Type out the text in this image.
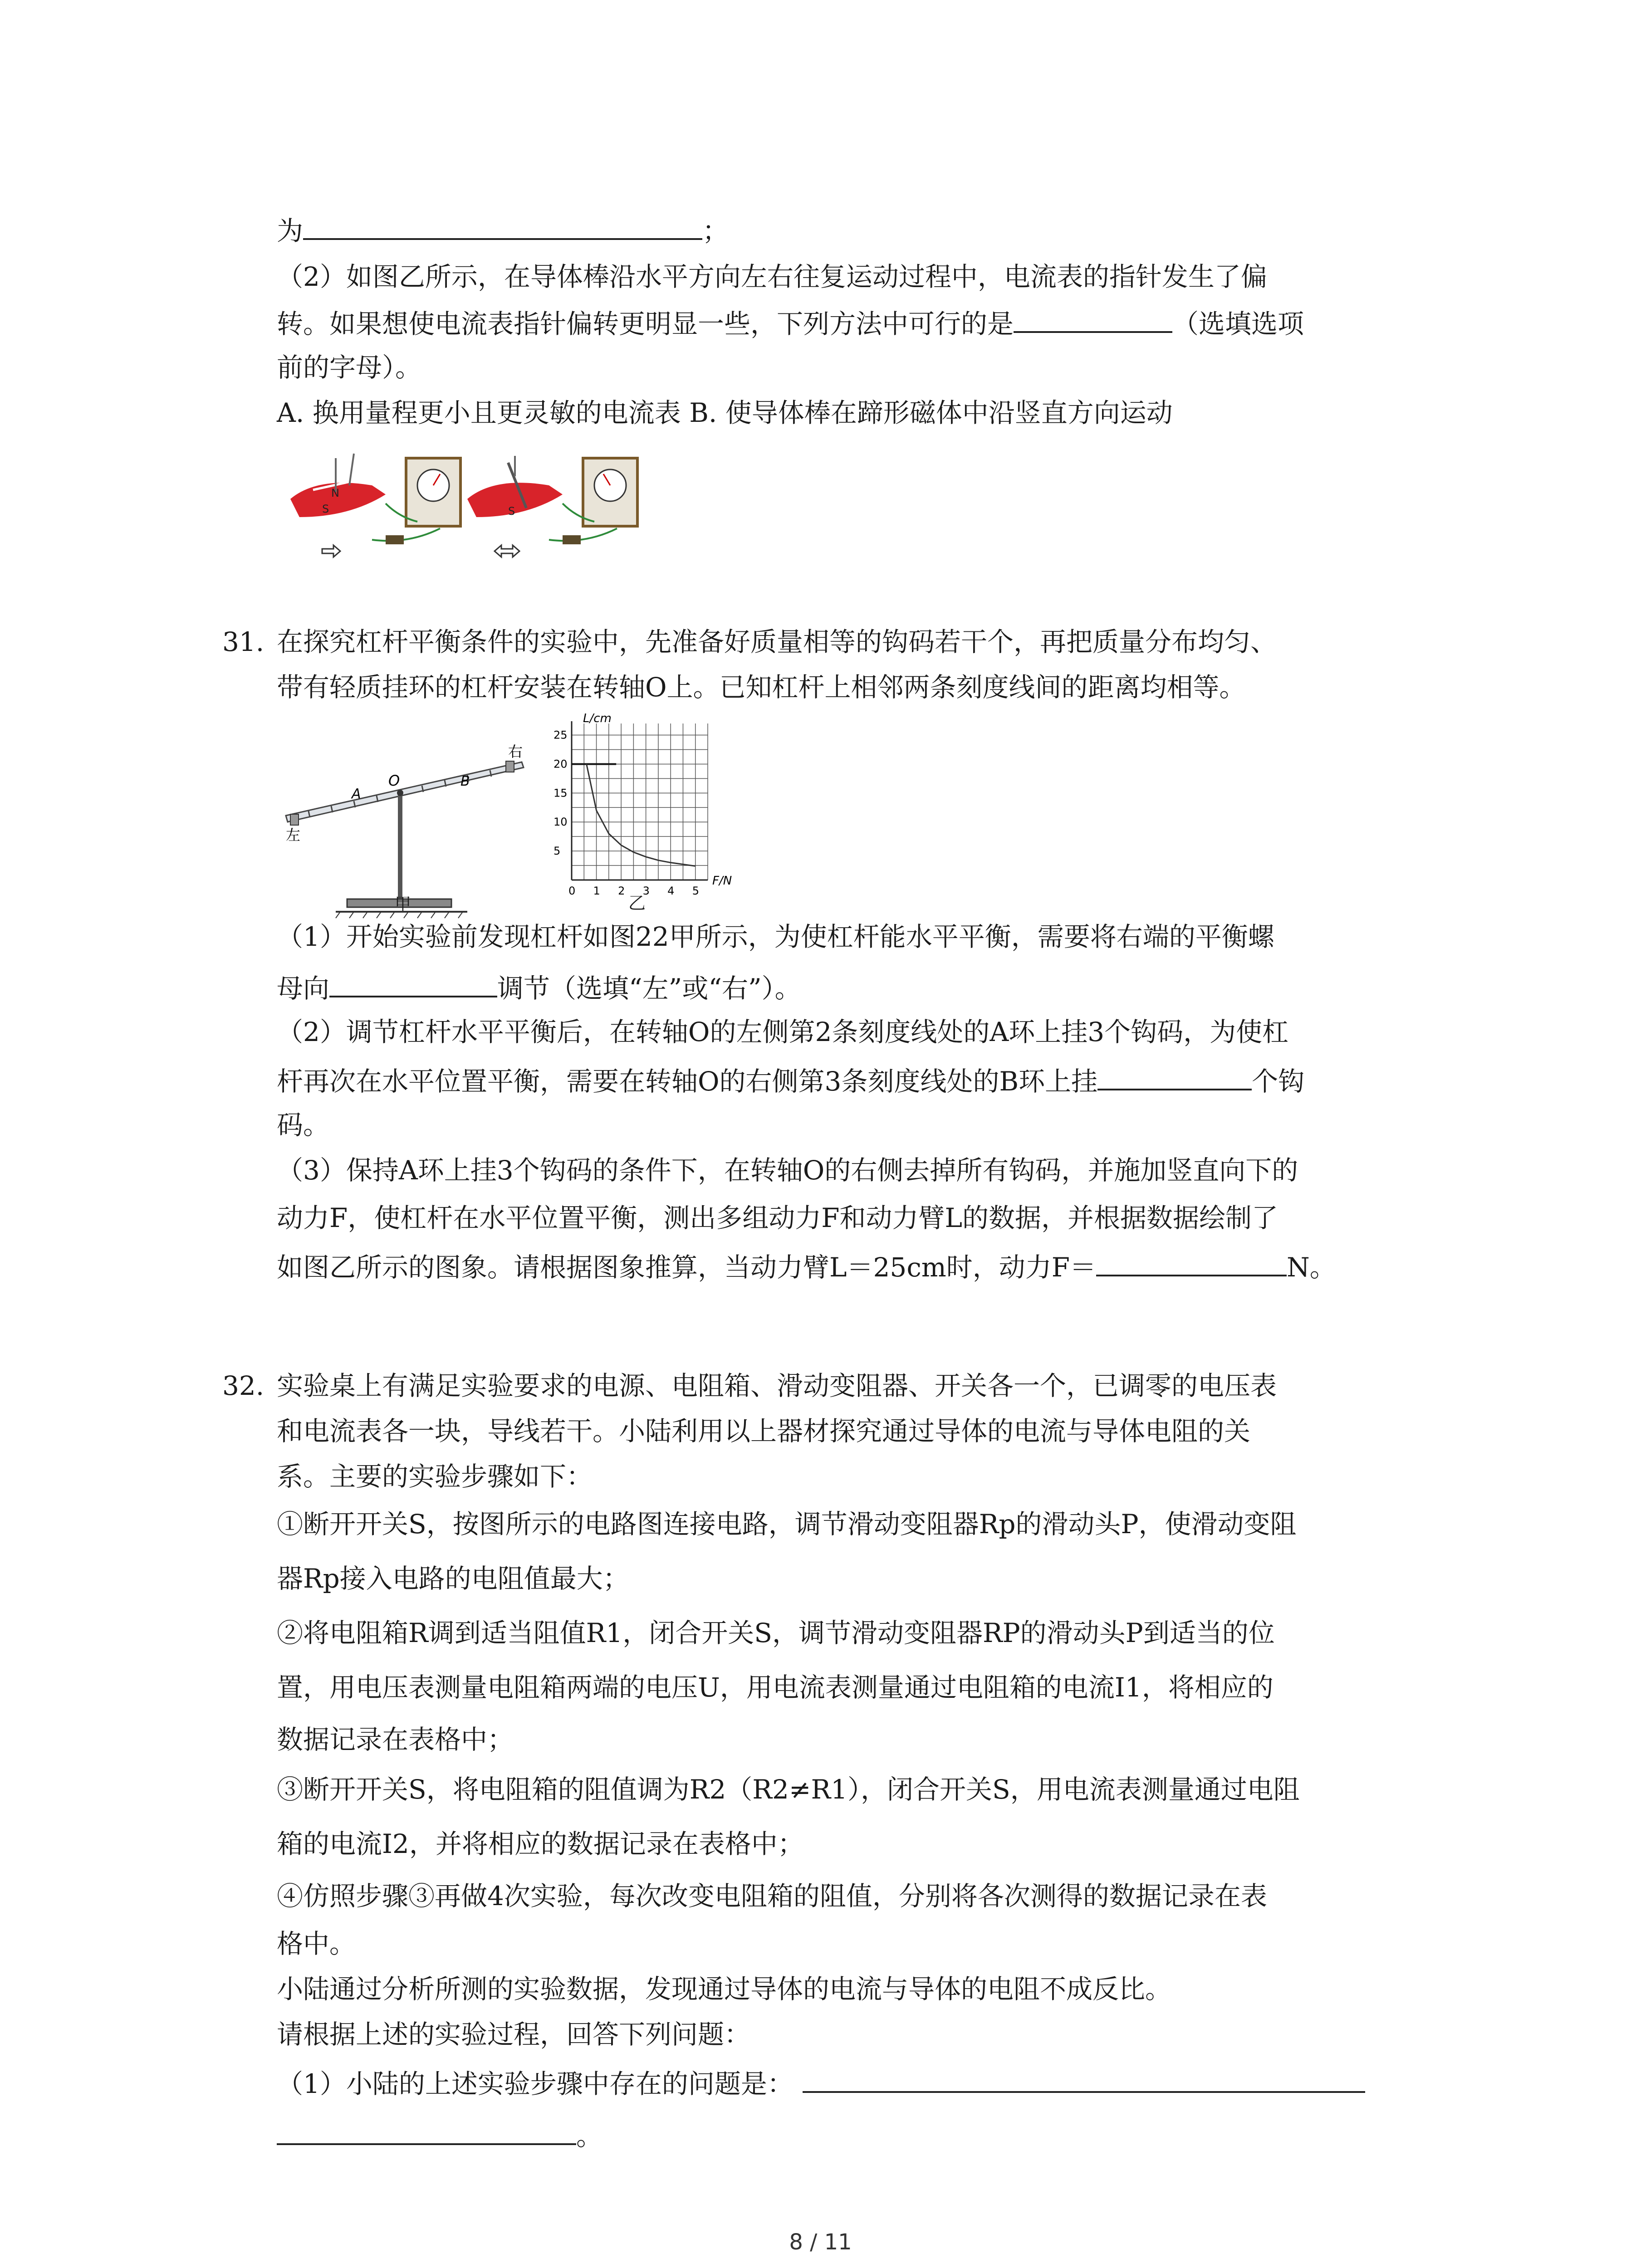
为	；
（2）如图乙所示，在导体棒沿水平方向左右往复运动过程中，电流表的指针发生了偏
转。如果想使电流表指针偏转更明显一些，下列方法中可行的是	（选填选项
前的字母）。
A. 换用量程更小且更灵敏的电流表 B. 使导体棒在蹄形磁体中沿竖直方向运动
N
S	S
31. 在探究杠杆平衡条件的实验中，先准备好质量相等的钩码若干个，再把质量分布均匀、
带有轻质挂环的杠杆安装在转轴O上。已知杠杆上相邻两条刻度线间的距离均相等。
O
A
B
左
右
甲
0 1 2 3 4 5
5
10
15
20
25
L/cm
F/N
乙
（1）开始实验前发现杠杆如图22甲所示，为使杠杆能水平平衡，需要将右端的平衡螺
母向	调节（选填“左”或“右”）。
（2）调节杠杆水平平衡后，在转轴O的左侧第2条刻度线处的A环上挂3个钩码，为使杠
杆再次在水平位置平衡，需要在转轴O的右侧第3条刻度线处的B环上挂	个钩
码。
（3）保持A环上挂3个钩码的条件下，在转轴O的右侧去掉所有钩码，并施加竖直向下的
动力F，使杠杆在水平位置平衡，测出多组动力F和动力臂L的数据，并根据数据绘制了
如图乙所示的图象。请根据图象推算，当动力臂L＝25cm时，动力F＝	N。
32. 实验桌上有满足实验要求的电源、电阻箱、滑动变阻器、开关各一个，已调零的电压表
和电流表各一块，导线若干。小陆利用以上器材探究通过导体的电流与导体电阻的关
系。主要的实验步骤如下：
①断开开关S，按图所示的电路图连接电路，调节滑动变阻器Rp的滑动头P，使滑动变阻
器Rp接入电路的电阻值最大；
②将电阻箱R调到适当阻值R1，闭合开关S，调节滑动变阻器RP的滑动头P到适当的位
置，用电压表测量电阻箱两端的电压U，用电流表测量通过电阻箱的电流I1，将相应的
数据记录在表格中；
③断开开关S，将电阻箱的阻值调为R2（R2≠R1），闭合开关S，用电流表测量通过电阻
箱的电流I2，并将相应的数据记录在表格中；
④仿照步骤③再做4次实验，每次改变电阻箱的阻值，分别将各次测得的数据记录在表
格中。
小陆通过分析所测的实验数据，发现通过导体的电流与导体的电阻不成反比。
请根据上述的实验过程，回答下列问题：
（1）小陆的上述实验步骤中存在的问题是：
。
8 / 11
